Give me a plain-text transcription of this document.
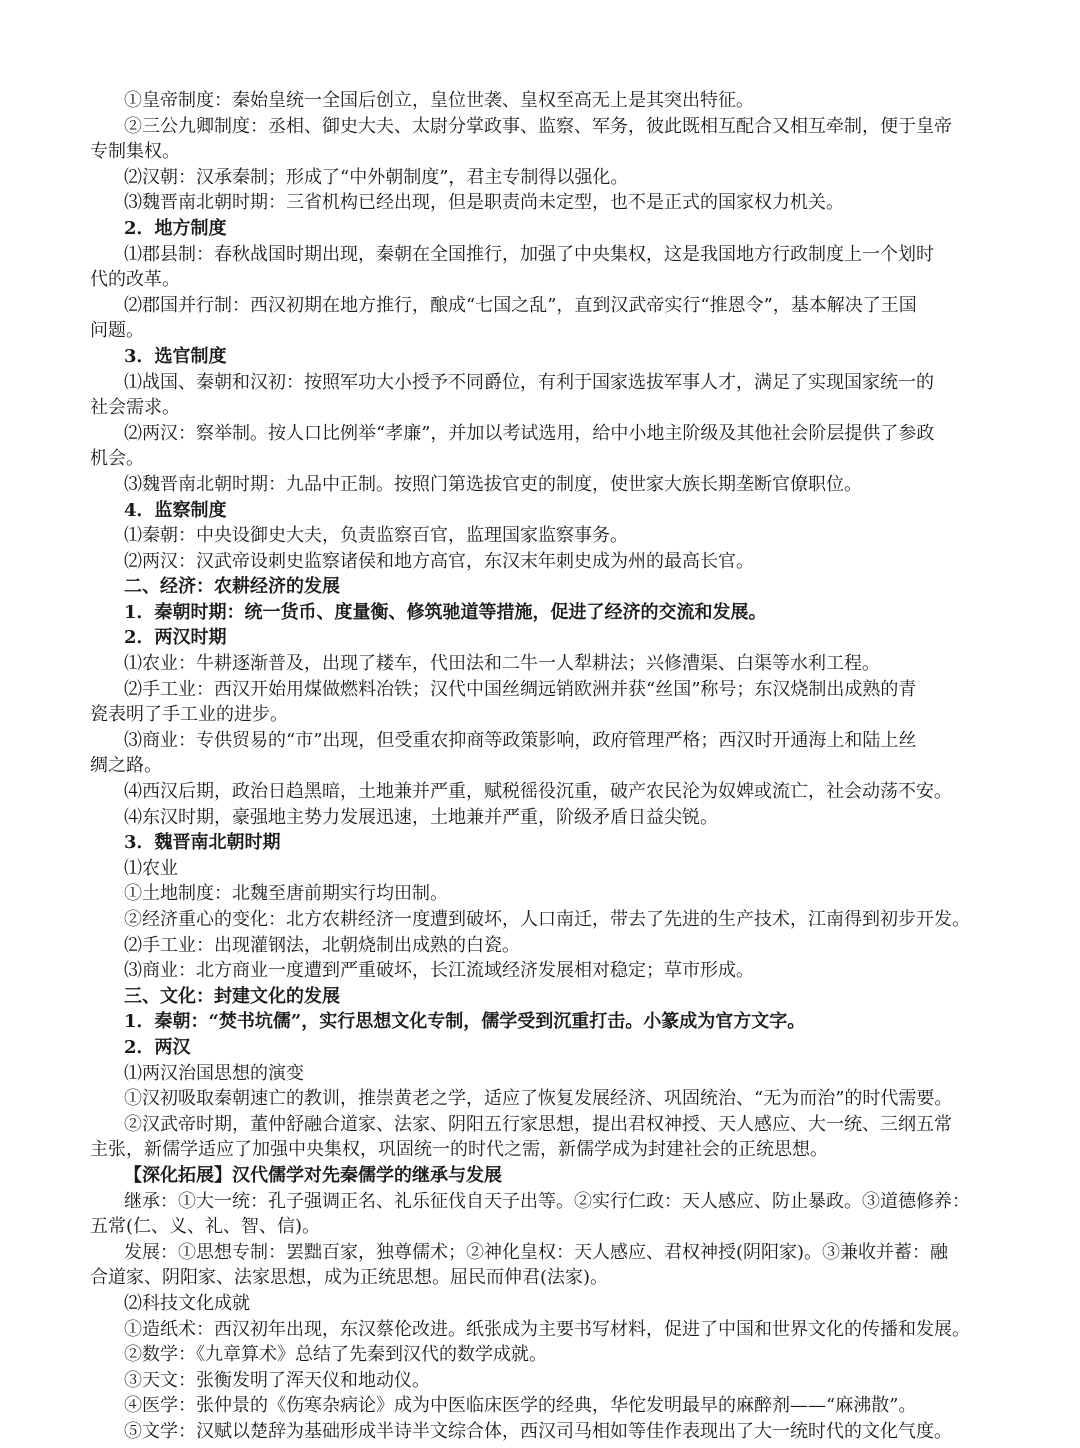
①皇帝制度：秦始皇统一全国后创立，皇位世袭、皇权至高无上是其突出特征。
②三公九卿制度：丞相、御史大夫、太尉分掌政事、监察、军务，彼此既相互配合又相互牵制，便于皇帝
专制集权。
⑵汉朝：汉承秦制；形成了“中外朝制度”，君主专制得以强化。
⑶魏晋南北朝时期：三省机构已经出现，但是职责尚未定型，也不是正式的国家权力机关。
2．地方制度
⑴郡县制：春秋战国时期出现，秦朝在全国推行，加强了中央集权，这是我国地方行政制度上一个划时
代的改革。
⑵郡国并行制：西汉初期在地方推行，酿成“七国之乱”，直到汉武帝实行“推恩令”，基本解决了王国
问题。
3．选官制度
⑴战国、秦朝和汉初：按照军功大小授予不同爵位，有利于国家选拔军事人才，满足了实现国家统一的
社会需求。
⑵两汉：察举制。按人口比例举“孝廉”，并加以考试选用，给中小地主阶级及其他社会阶层提供了参政
机会。
⑶魏晋南北朝时期：九品中正制。按照门第选拔官吏的制度，使世家大族长期垄断官僚职位。
4．监察制度
⑴秦朝：中央设御史大夫，负责监察百官，监理国家监察事务。
⑵两汉：汉武帝设刺史监察诸侯和地方高官，东汉末年刺史成为州的最高长官。
二、经济：农耕经济的发展
1．秦朝时期：统一货币、度量衡、修筑驰道等措施，促进了经济的交流和发展。
2．两汉时期
⑴农业：牛耕逐渐普及，出现了耧车，代田法和二牛一人犁耕法；兴修漕渠、白渠等水利工程。
⑵手工业：西汉开始用煤做燃料冶铁；汉代中国丝绸远销欧洲并获“丝国”称号；东汉烧制出成熟的青
瓷表明了手工业的进步。
⑶商业：专供贸易的“市”出现，但受重农抑商等政策影响，政府管理严格；西汉时开通海上和陆上丝
绸之路。
⑷西汉后期，政治日趋黑暗，土地兼并严重，赋税徭役沉重，破产农民沦为奴婢或流亡，社会动荡不安。
⑷东汉时期，豪强地主势力发展迅速，土地兼并严重，阶级矛盾日益尖锐。
3．魏晋南北朝时期
⑴农业
①土地制度：北魏至唐前期实行均田制。
②经济重心的变化：北方农耕经济一度遭到破坏，人口南迁，带去了先进的生产技术，江南得到初步开发。
⑵手工业：出现灌钢法，北朝烧制出成熟的白瓷。
⑶商业：北方商业一度遭到严重破坏，长江流域经济发展相对稳定；草市形成。
三、文化：封建文化的发展
1．秦朝：“焚书坑儒”，实行思想文化专制，儒学受到沉重打击。小篆成为官方文字。
2．两汉
⑴两汉治国思想的演变
①汉初吸取秦朝速亡的教训，推崇黄老之学，适应了恢复发展经济、巩固统治、“无为而治”的时代需要。
②汉武帝时期，董仲舒融合道家、法家、阴阳五行家思想，提出君权神授、天人感应、大一统、三纲五常
主张，新儒学适应了加强中央集权，巩固统一的时代之需，新儒学成为封建社会的正统思想。
【深化拓展】汉代儒学对先秦儒学的继承与发展
继承：①大一统：孔子强调正名、礼乐征伐自天子出等。②实行仁政：天人感应、防止暴政。③道德修养：
五常(仁、义、礼、智、信)。
发展：①思想专制：罢黜百家，独尊儒术；②神化皇权：天人感应、君权神授(阴阳家)。③兼收并蓄：融
合道家、阴阳家、法家思想，成为正统思想。屈民而伸君(法家)。
⑵科技文化成就
①造纸术：西汉初年出现，东汉蔡伦改进。纸张成为主要书写材料，促进了中国和世界文化的传播和发展。
②数学：《九章算术》总结了先秦到汉代的数学成就。
③天文：张衡发明了浑天仪和地动仪。
④医学：张仲景的《伤寒杂病论》成为中医临床医学的经典，华佗发明最早的麻醉剂——“麻沸散”。
⑤文学：汉赋以楚辞为基础形成半诗半文综合体，西汉司马相如等佳作表现出了大一统时代的文化气度。
